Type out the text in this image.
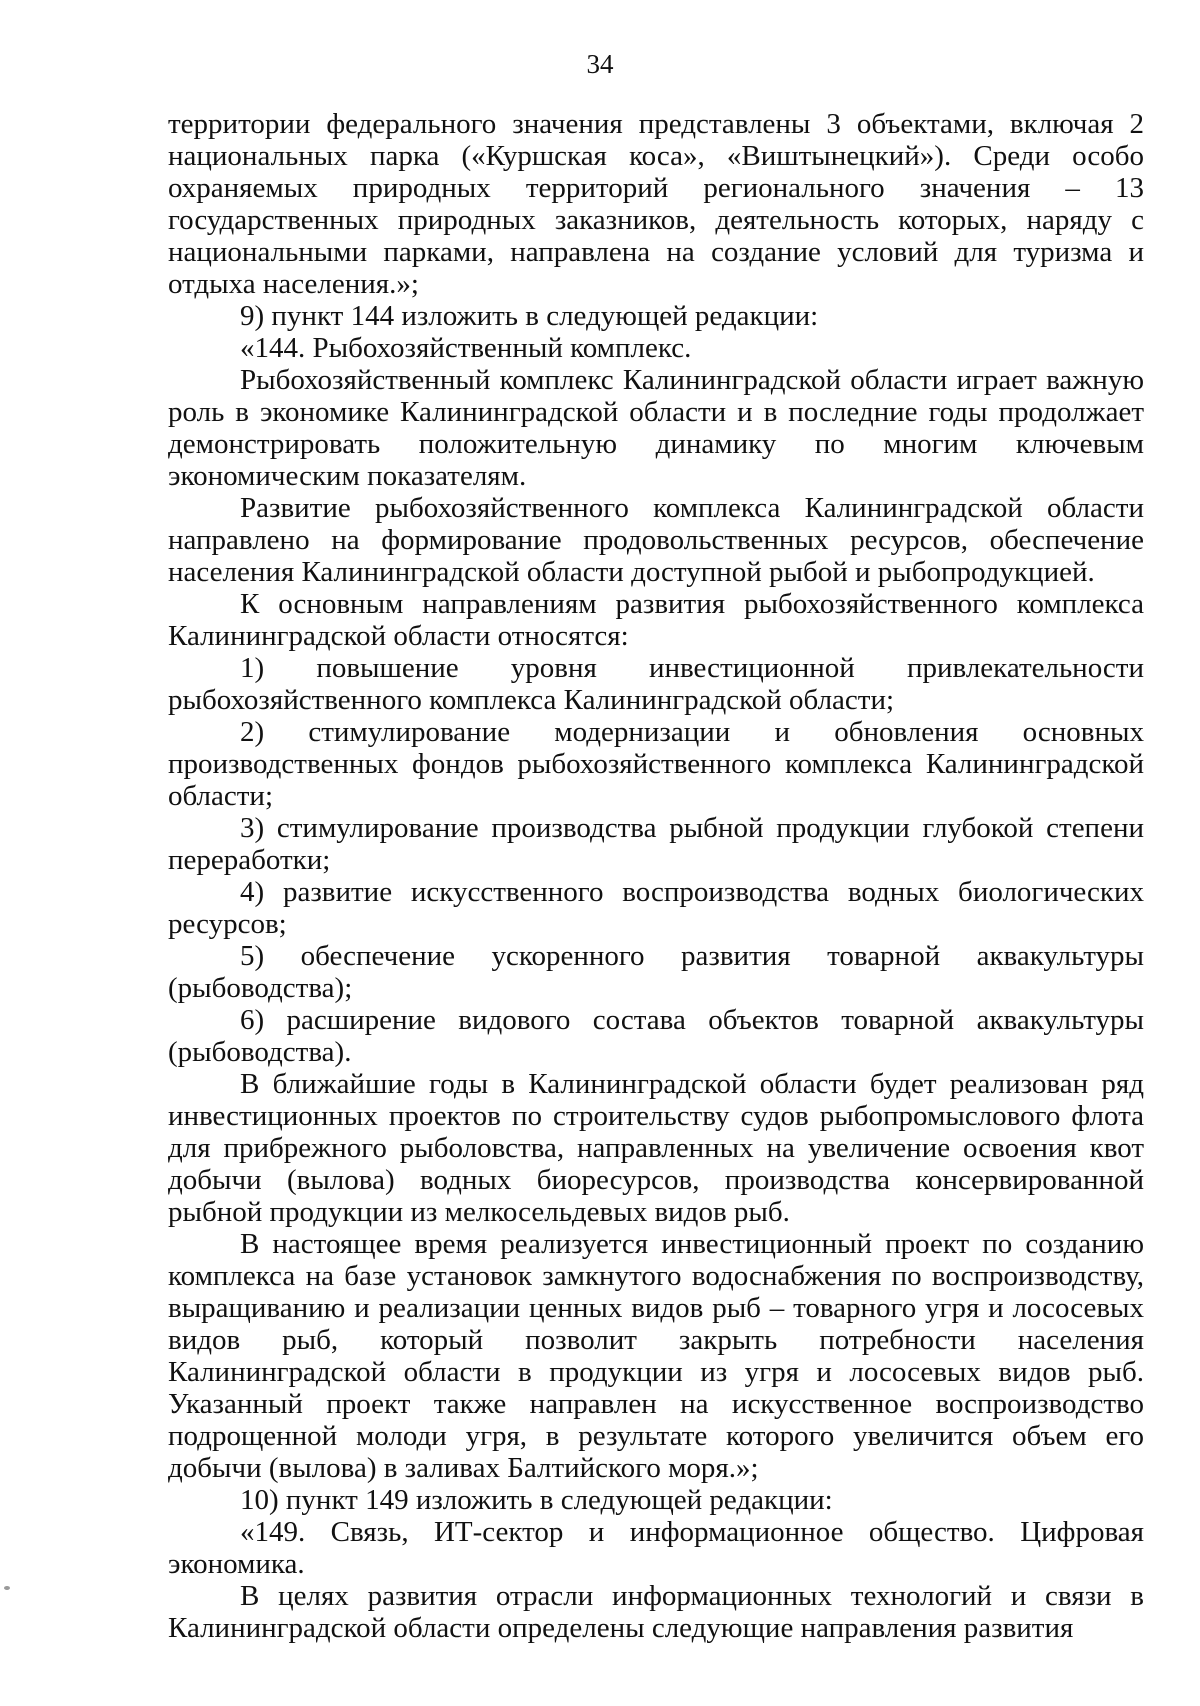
34

территории федерального значения представлены 3 объектами, включая 2 национальных парка («Куршская коса», «Виштынецкий»). Среди особо охраняемых природных территорий регионального значения – 13 государственных природных заказников, деятельность которых, наряду с национальными парками, направлена на создание условий для туризма и отдыха населения.»;

9) пункт 144 изложить в следующей редакции:

«144. Рыбохозяйственный комплекс.

Рыбохозяйственный комплекс Калининградской области играет важную роль в экономике Калининградской области и в последние годы продолжает демонстрировать положительную динамику по многим ключевым экономическим показателям.

Развитие рыбохозяйственного комплекса Калининградской области направлено на формирование продовольственных ресурсов, обеспечение населения Калининградской области доступной рыбой и рыбопродукцией.

К основным направлениям развития рыбохозяйственного комплекса Калининградской области относятся:

1) повышение уровня инвестиционной привлекательности рыбохозяйственного комплекса Калининградской области;

2) стимулирование модернизации и обновления основных производственных фондов рыбохозяйственного комплекса Калининградской области;

3) стимулирование производства рыбной продукции глубокой степени переработки;

4) развитие искусственного воспроизводства водных биологических ресурсов;

5) обеспечение ускоренного развития товарной аквакультуры (рыбоводства);

6) расширение видового состава объектов товарной аквакультуры (рыбоводства).

В ближайшие годы в Калининградской области будет реализован ряд инвестиционных проектов по строительству судов рыбопромыслового флота для прибрежного рыболовства, направленных на увеличение освоения квот добычи (вылова) водных биоресурсов, производства консервированной рыбной продукции из мелкосельдевых видов рыб.

В настоящее время реализуется инвестиционный проект по созданию комплекса на базе установок замкнутого водоснабжения по воспроизводству, выращиванию и реализации ценных видов рыб – товарного угря и лососевых видов рыб, который позволит закрыть потребности населения Калининградской области в продукции из угря и лососевых видов рыб. Указанный проект также направлен на искусственное воспроизводство подрощенной молоди угря, в результате которого увеличится объем его добычи (вылова) в заливах Балтийского моря.»;

10) пункт 149 изложить в следующей редакции:

«149. Связь, ИТ-сектор и информационное общество. Цифровая экономика.

В целях развития отрасли информационных технологий и связи в Калининградской области определены следующие направления развития
